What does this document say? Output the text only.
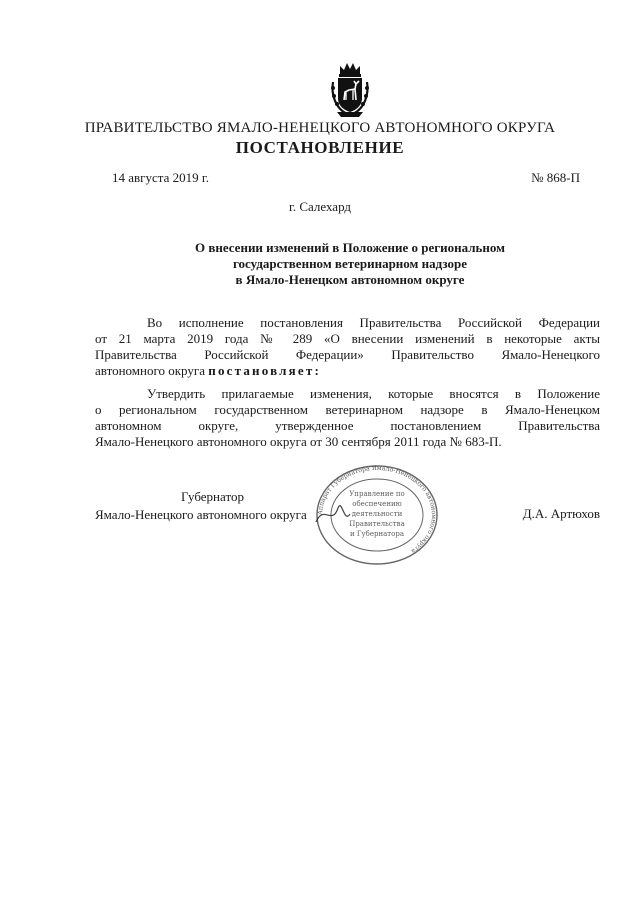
ПРАВИТЕЛЬСТВО ЯМАЛО-НЕНЕЦКОГО АВТОНОМНОГО ОКРУГА
ПОСТАНОВЛЕНИЕ
14 августа 2019 г.	№ 868-П
г. Салехард
О внесении изменений в Положение о региональном
государственном ветеринарном надзоре
в Ямало-Ненецком автономном округе
Во исполнение постановления Правительства Российской Федерации
от 21 марта 2019 года № 289 «О внесении изменений в некоторые акты
Правительства Российской Федерации» Правительство Ямало-Ненецкого
автономного округа постановляет:
Утвердить прилагаемые изменения, которые вносятся в Положение
о региональном государственном ветеринарном надзоре в Ямало-Ненецком
автономном округе, утвержденное постановлением Правительства
Ямало-Ненецкого автономного округа от 30 сентября 2011 года № 683-П.
Губернатор
Ямало-Ненецкого автономного округа	Д.А. Артюхов
Аппарат Губернатора Ямало-Ненецкого автономного округа
Управление по
обеспечению
деятельности
Правительства
и Губернатора
